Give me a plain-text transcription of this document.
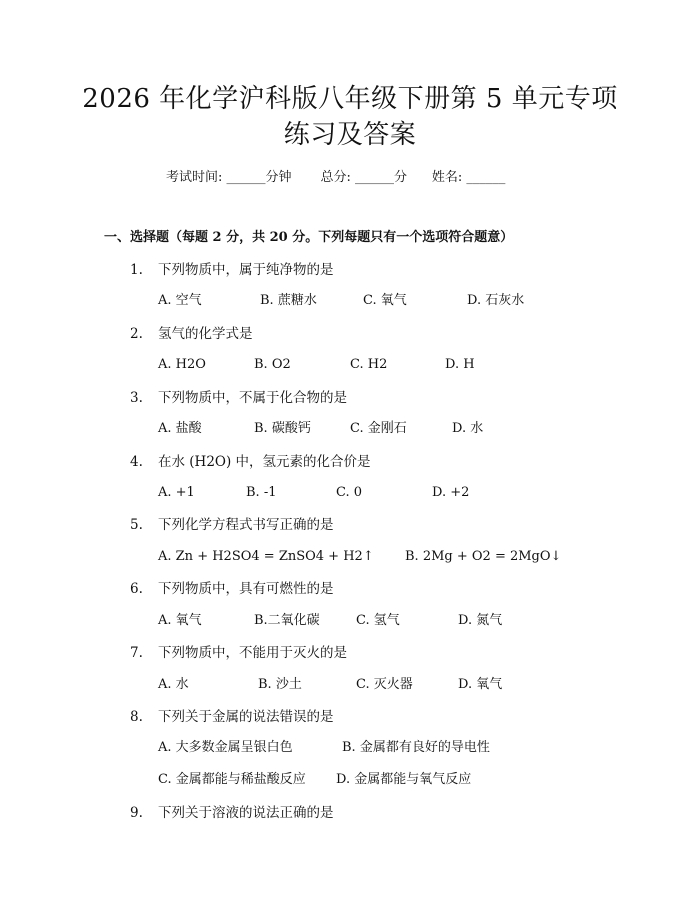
2026 年化学沪科版八年级下册第 5 单元专项
练习及答案
考试时间: ______分钟 总分: ______分 姓名: ______
一、选择题（每题 2 分，共 20 分。下列每题只有一个选项符合题意）
1. 下列物质中，属于纯净物的是
A. 空气	B. 蔗糖水	C. 氧气	D. 石灰水
2. 氢气的化学式是
A. H2O	B. O2	C. H2	D. H
3. 下列物质中，不属于化合物的是
A. 盐酸	B. 碳酸钙	C. 金刚石	D. 水
4. 在水 (H2O) 中，氢元素的化合价是
A. +1	B. -1	C. 0	D. +2
5. 下列化学方程式书写正确的是
A. Zn + H2SO4 = ZnSO4 + H2↑ B. 2Mg + O2 = 2MgO↓
6. 下列物质中，具有可燃性的是
A. 氧气	B.二氧化碳	C. 氢气	D. 氮气
7. 下列物质中，不能用于灭火的是
A. 水	B. 沙土	C. 灭火器	D. 氧气
8. 下列关于金属的说法错误的是
A. 大多数金属呈银白色	B. 金属都有良好的导电性
C. 金属都能与稀盐酸反应 D. 金属都能与氧气反应
9. 下列关于溶液的说法正确的是
